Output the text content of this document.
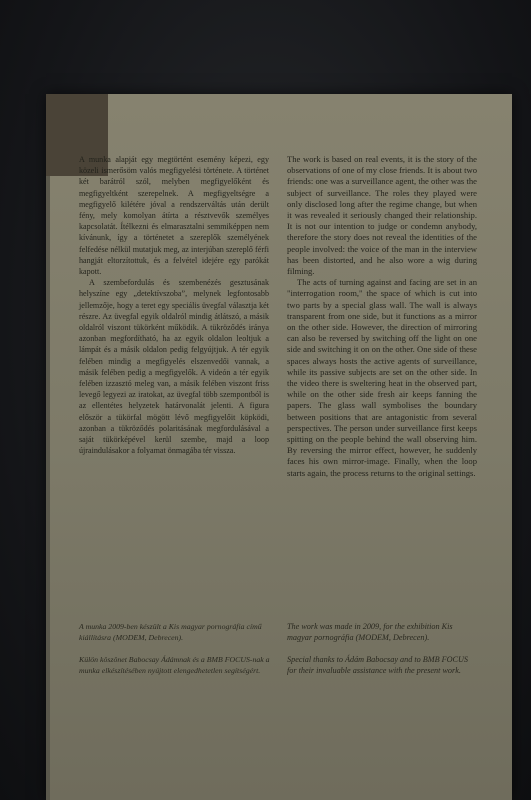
A munka alapját egy megtörtént esemény képezi, egy közeli ismerősöm valós megfigyelési története. A történet két barátról szól, melyben megfigyelőként és megfigyeltként szerepelnek. A megfigyeltségre a megfigyelő kilétére jóval a rendszerváltás után derült fény, mely komolyan átírta a résztvevők személyes kapcsolatát. Ítélkezni és elmarasztalni semmiképpen nem kívánunk, így a történetet a szereplők személyének felfedése nélkül mutatjuk meg, az interjúban szereplő férfi hangját eltorzítottuk, és a felvétel idejére egy parókát kapott.

A szembefordulás és szembenézés gesztusának helyszíne egy „detektívszoba”, melynek legfontosabb jellemzője, hogy a teret egy speciális üvegfal választja két részre. Az üvegfal egyik oldalról mindig átlátszó, a másik oldalról viszont tükörként működik. A tükröződés iránya azonban megfordítható, ha az egyik oldalon leoltjuk a lámpát és a másik oldalon pedig felgyújtjuk. A tér egyik felében mindig a megfigyelés elszenvedői vannak, a másik felében pedig a megfigyelők. A videón a tér egyik felében izzasztó meleg van, a másik felében viszont friss levegő legyezi az iratokat, az üvegfal több szempontból is az ellentétes helyzetek határvonalát jelenti. A figura először a tükörfal mögött lévő megfigyelőit köpködi, azonban a tükröződés polaritásának megfordulásával a saját tükörképével kerül szembe, majd a loop újraindulásakor a folyamat önmagába tér vissza.

The work is based on real events, it is the story of the observations of one of my close friends. It is about two friends: one was a surveillance agent, the other was the subject of surveillance. The roles they played were only disclosed long after the regime change, but when it was revealed it seriously changed their relationship. It is not our intention to judge or condemn anybody, therefore the story does not reveal the identities of the people involved: the voice of the man in the interview has been distorted, and he also wore a wig during filming.

The acts of turning against and facing are set in an "interrogation room," the space of which is cut into two parts by a special glass wall. The wall is always transparent from one side, but it functions as a mirror on the other side. However, the direction of mirroring can also be reversed by switching off the light on one side and switching it on on the other. One side of these spaces always hosts the active agents of surveillance, while its passive subjects are set on the other side. In the video there is sweltering heat in the observed part, while on the other side fresh air keeps fanning the papers. The glass wall symbolises the boundary between positions that are antagonistic from several perspectives. The person under surveillance first keeps spitting on the people behind the wall observing him. By reversing the mirror effect, however, he suddenly faces his own mirror-image. Finally, when the loop starts again, the process returns to the original settings.

A munka 2009-ben készült a Kis magyar pornográfia című kiállításra (MODEM, Debrecen).

Külön köszönet Babocsay Ádámnak és a BMB FOCUS-nak a munka elkészítésében nyújtott elengedhetetlen segítségért.

The work was made in 2009, for the exhibition Kis magyar pornográfia (MODEM, Debrecen).

Special thanks to Ádám Babocsay and to BMB FOCUS for their invaluable assistance with the present work.
